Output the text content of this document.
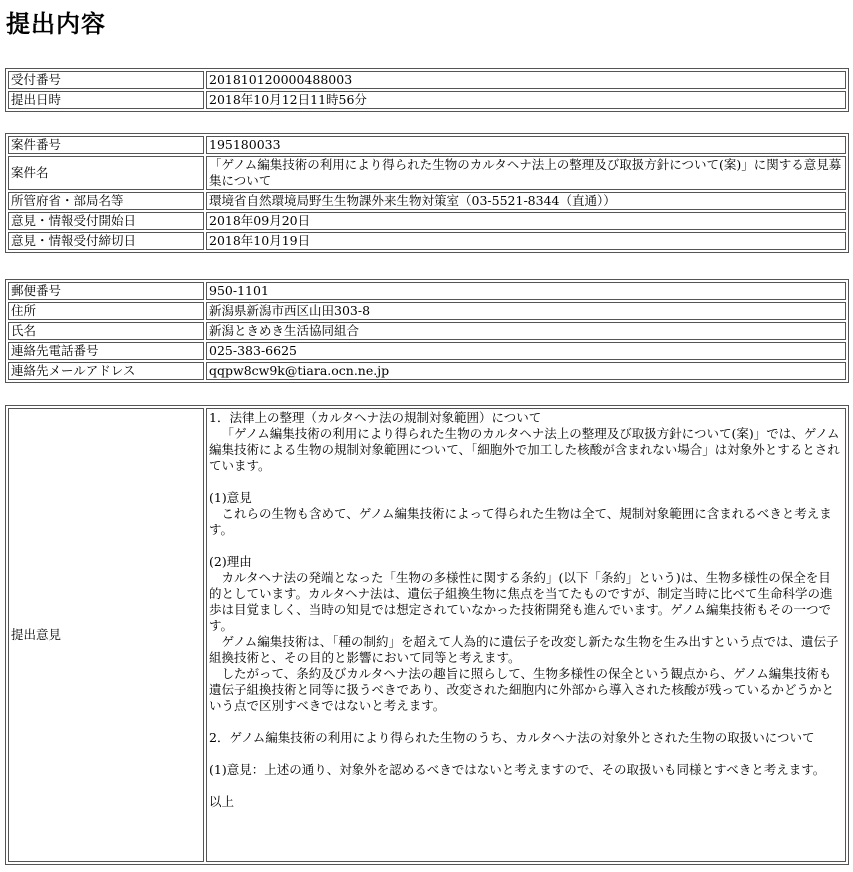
提出内容
受付番号	201810120000488003
提出日時	2018年10月12日11時56分
案件番号	195180033
案件名	「ゲノム編集技術の利用により得られた生物のカルタヘナ法上の整理及び取扱方針について(案)」に関する意見募集について
所管府省・部局名等	環境省自然環境局野生生物課外来生物対策室（03-5521-8344（直通））
意見・情報受付開始日	2018年09月20日
意見・情報受付締切日	2018年10月19日
郵便番号	950-1101
住所	新潟県新潟市西区山田303-8
氏名	新潟ときめき生活協同組合
連絡先電話番号	025-383-6625
連絡先メールアドレス	qqpw8cw9k@tiara.ocn.ne.jp
提出意見	
1．法律上の整理（カルタヘナ法の規制対象範囲）について
「ゲノム編集技術の利用により得られた生物のカルタヘナ法上の整理及び取扱方針について(案)」では、ゲノム編集技術による生物の規制対象範囲について、「細胞外で加工した核酸が含まれない場合」は対象外とするとされています。
(1)意見
これらの生物も含めて、ゲノム編集技術によって得られた生物は全て、規制対象範囲に含まれるべきと考えます。
(2)理由
カルタヘナ法の発端となった「生物の多様性に関する条約」(以下「条約」という)は、生物多様性の保全を目的としています。カルタヘナ法は、遺伝子組換生物に焦点を当てたものですが、制定当時に比べて生命科学の進歩は目覚ましく、当時の知見では想定されていなかった技術開発も進んでいます。ゲノム編集技術もその一つです。
ゲノム編集技術は、「種の制約」を超えて人為的に遺伝子を改変し新たな生物を生み出すという点では、遺伝子組換技術と、その目的と影響において同等と考えます。
したがって、条約及びカルタヘナ法の趣旨に照らして、生物多様性の保全という観点から、ゲノム編集技術も遺伝子組換技術と同等に扱うべきであり、改変された細胞内に外部から導入された核酸が残っているかどうかという点で区別すべきではないと考えます。
2．ゲノム編集技術の利用により得られた生物のうち、カルタヘナ法の対象外とされた生物の取扱いについて
(1)意見：上述の通り、対象外を認めるべきではないと考えますので、その取扱いも同様とすべきと考えます。
以上
